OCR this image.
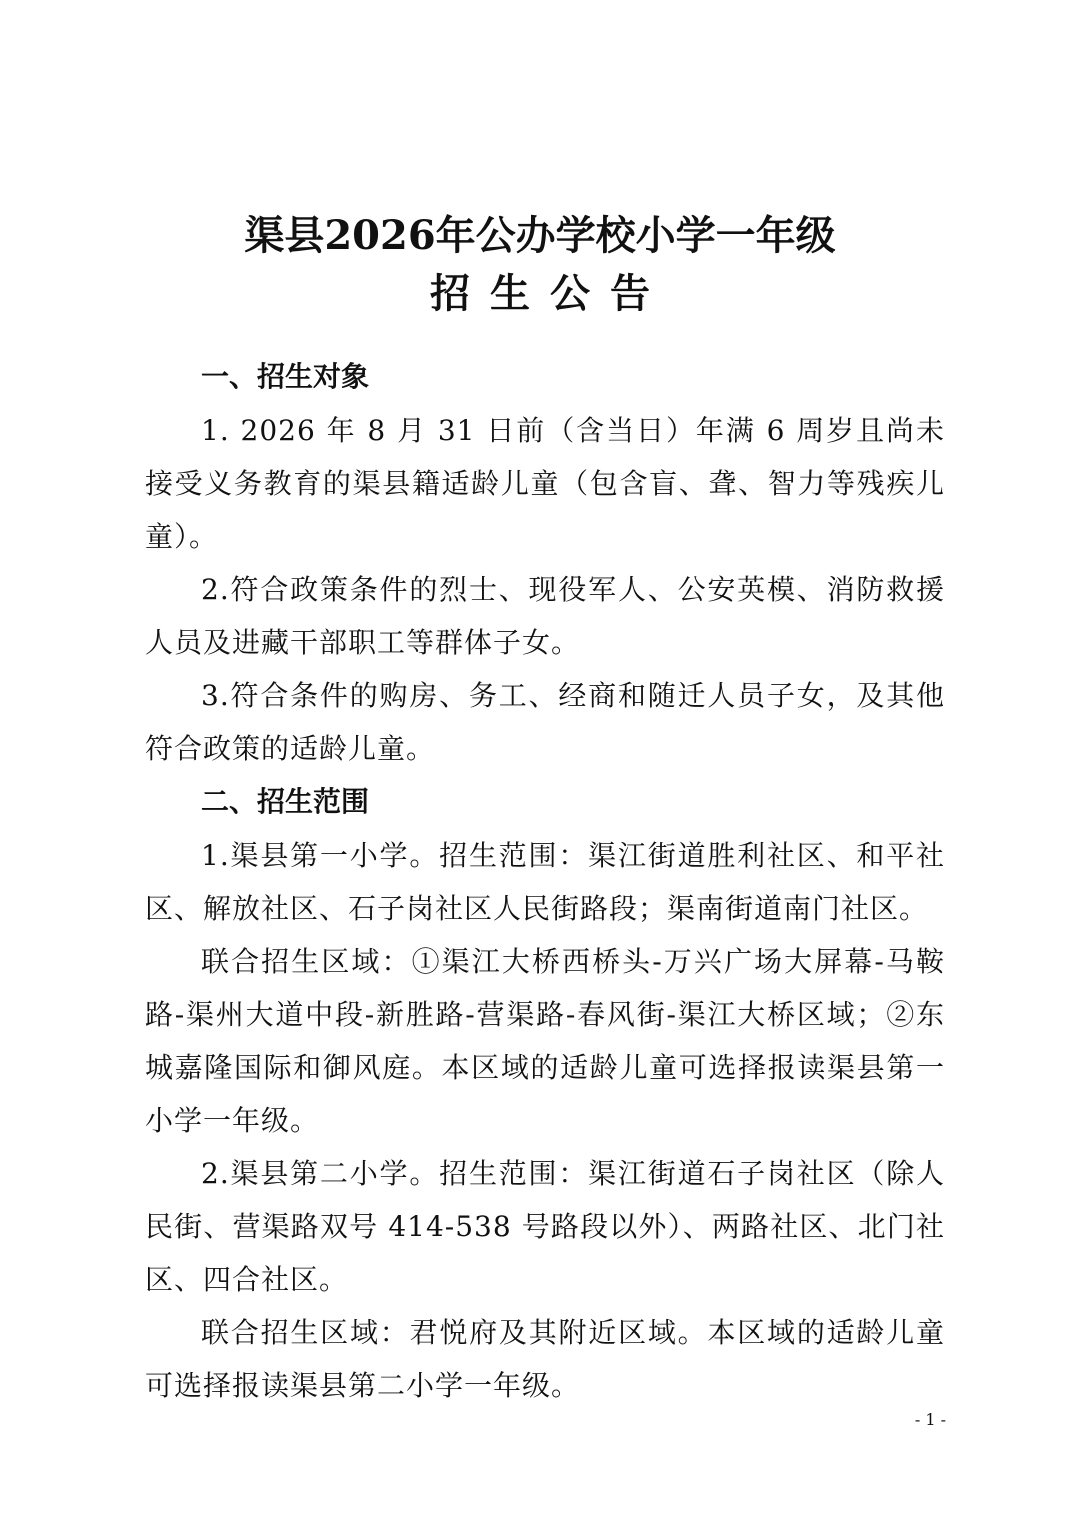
渠县2026年公办学校小学一年级
招生公告

一、招生对象

1. 2026 年 8 月 31 日前（含当日）年满 6 周岁且尚未接受义务教育的渠县籍适龄儿童（包含盲、聋、智力等残疾儿童）。

2.符合政策条件的烈士、现役军人、公安英模、消防救援人员及进藏干部职工等群体子女。

3.符合条件的购房、务工、经商和随迁人员子女，及其他符合政策的适龄儿童。

二、招生范围

1.渠县第一小学。招生范围：渠江街道胜利社区、和平社区、解放社区、石子岗社区人民街路段；渠南街道南门社区。

联合招生区域：①渠江大桥西桥头-万兴广场大屏幕-马鞍路-渠州大道中段-新胜路-营渠路-春风街-渠江大桥区域；②东城嘉隆国际和御风庭。本区域的适龄儿童可选择报读渠县第一小学一年级。

2.渠县第二小学。招生范围：渠江街道石子岗社区（除人民街、营渠路双号 414-538 号路段以外）、两路社区、北门社区、四合社区。

联合招生区域：君悦府及其附近区域。本区域的适龄儿童可选择报读渠县第二小学一年级。

- 1 -
